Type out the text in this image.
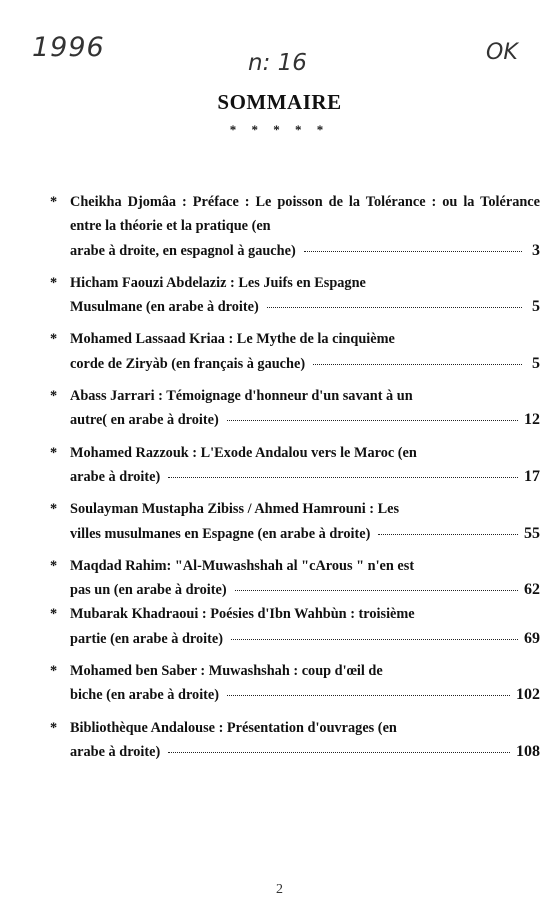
1996	n: 16	OK
SOMMAIRE
* * * * *
* Cheikha Djomâa : Préface : Le poisson de la Tolérance : ou la Tolérance entre la théorie et la pratique (en
arabe à droite, en espagnol à gauche)	3
* Hicham Faouzi Abdelaziz : Les Juifs en Espagne
Musulmane (en arabe à droite)	5
* Mohamed Lassaad Kriaa : Le Mythe de la cinquième
corde de Ziryàb (en français à gauche)	5
* Abass Jarrari : Témoignage d'honneur d'un savant à un
autre( en arabe à droite)	12
* Mohamed Razzouk : L'Exode Andalou vers le Maroc (en
arabe à droite)	17
* Soulayman Mustapha Zibiss / Ahmed Hamrouni : Les
villes musulmanes en Espagne (en arabe à droite)	55
* Maqdad Rahim: "Al-Muwashshah al "cArous " n'en est
pas un (en arabe à droite)	62
* Mubarak Khadraoui : Poésies d'Ibn Wahbùn : troisième
partie (en arabe à droite)	69
* Mohamed ben Saber : Muwashshah : coup d'œil de
biche (en arabe à droite)	102
* Bibliothèque Andalouse : Présentation d'ouvrages (en
arabe à droite)	108
2
